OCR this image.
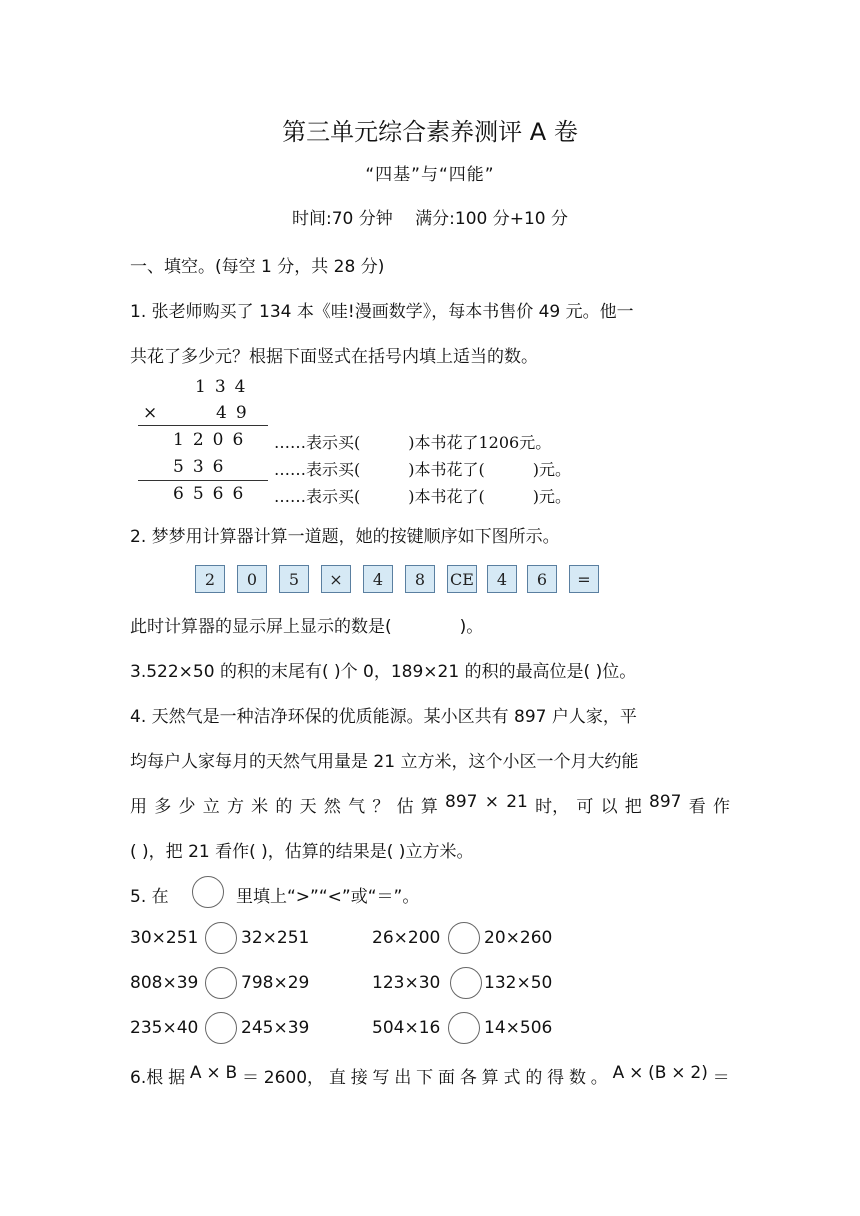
第三单元综合素养测评 A 卷
“四基”与“四能”
时间:70 分钟　 满分:100 分+10 分
一、填空。(每空 1 分，共 28 分)
1. 张老师购买了 134 本《哇!漫画数学》，每本书售价 49 元。他一
共花了多少元？根据下面竖式在括号内填上适当的数。
134
×	49
1206 ……表示买(　　　)本书花了1206元。
536	……表示买(　　　)本书花了(　　　)元。
6566 ……表示买(　　　)本书花了(　　　)元。
2. 梦梦用计算器计算一道题，她的按键顺序如下图所示。
2	0	5	×	4	8	CE	4	6	=
此时计算器的显示屏上显示的数是(　　　　)。
3.522×50 的积的末尾有( )个 0，189×21 的积的最高位是( )位。
4. 天然气是一种洁净环保的优质能源。某小区共有 897 户人家，平
均每户人家每月的天然气用量是 21 立方米，这个小区一个月大约能
用 多 少 立 方 米 的 天 然 气 ？ 估 算 897 × 21 时， 可 以 把 897 看 作
( )，把 21 看作( )，估算的结果是( )立方米。
5. 在	里填上“>”“<”或“＝”。
30×251	32×251	26×200	20×260
808×39	798×29	123×30	132×50
235×40	245×39	504×16	14×506
6.根 据 A × B ＝ 2600， 直 接 写 出 下 面 各 算 式 的 得 数 。 A × (B × 2) ＝
